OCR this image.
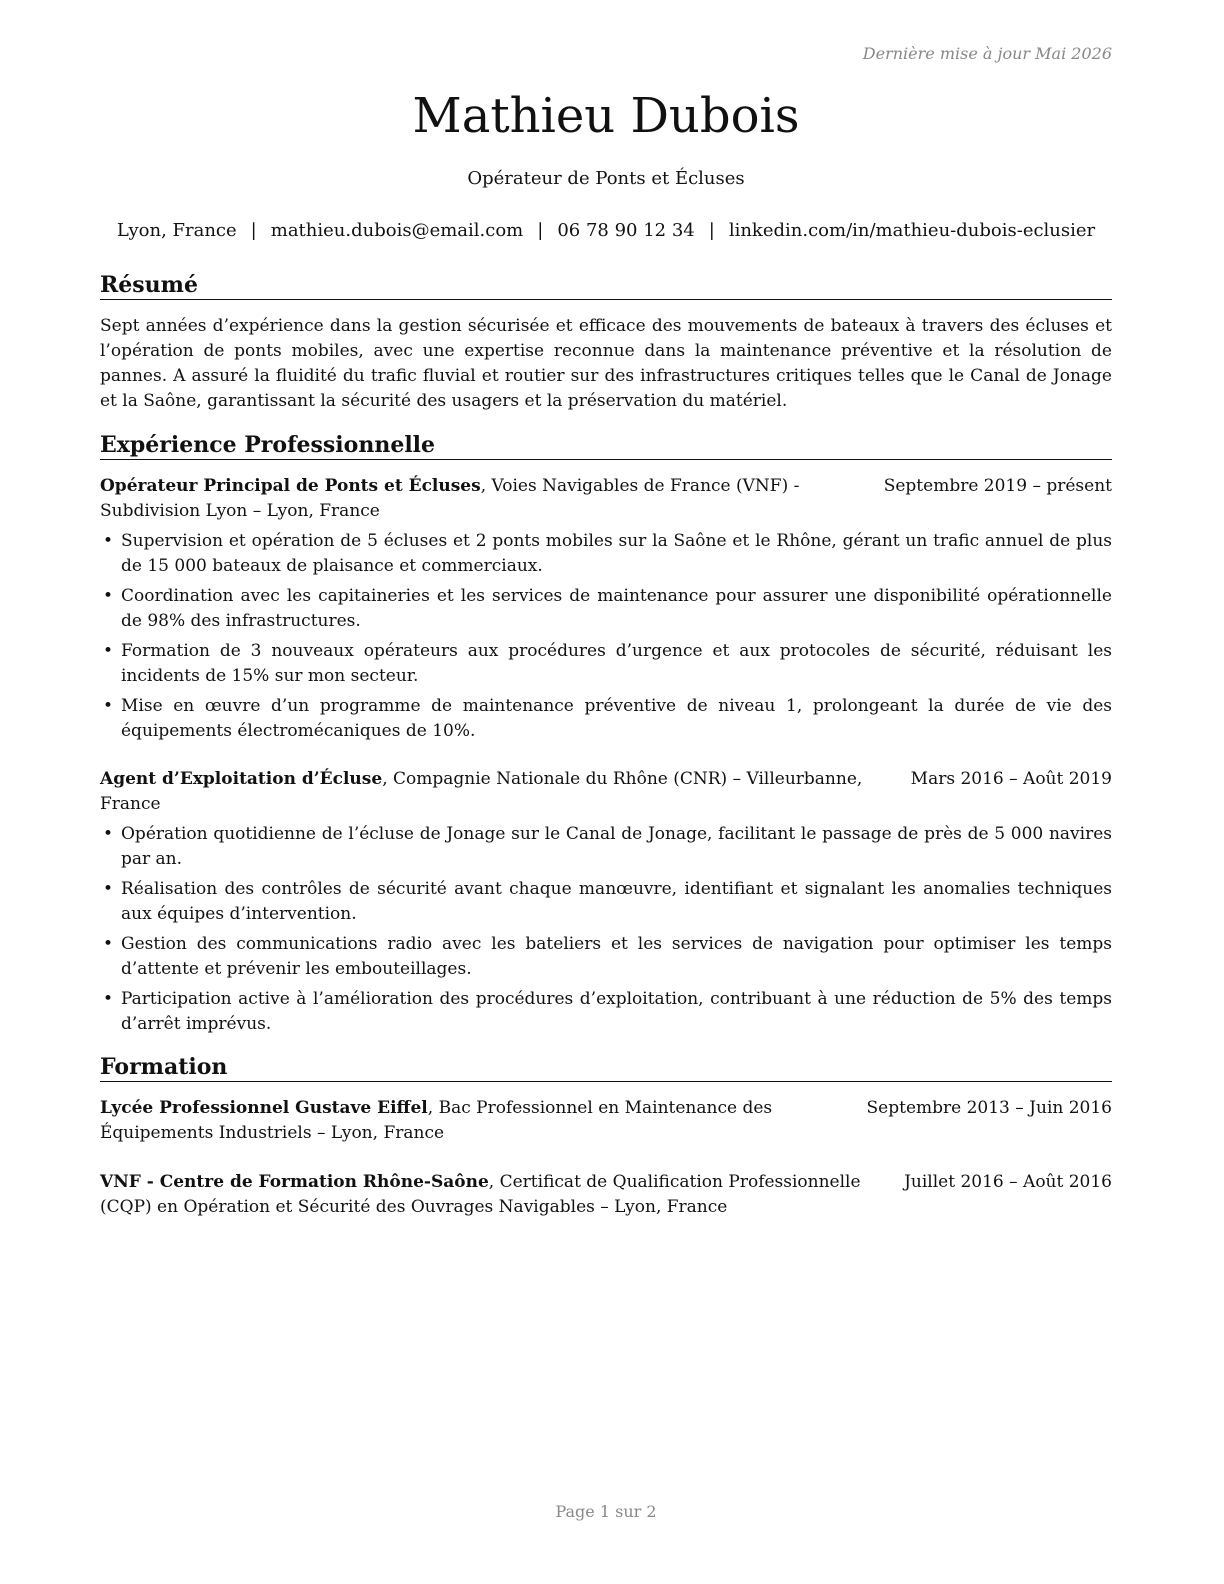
Dernière mise à jour Mai 2026
Mathieu Dubois
Opérateur de Ponts et Écluses
Lyon, France | mathieu.dubois@email.com | 06 78 90 12 34 | linkedin.com/in/mathieu-dubois-eclusier
Résumé

Sept années d’expérience dans la gestion sécurisée et efficace des mouvements de bateaux à travers des écluses et l’opération de ponts mobiles, avec une expertise reconnue dans la maintenance préventive et la résolution de pannes. A assuré la fluidité du trafic fluvial et routier sur des infrastructures critiques telles que le Canal de Jonage et la Saône, garantissant la sécurité des usagers et la préservation du matériel.

Expérience Professionnelle
Septembre 2019 – présent
Opérateur Principal de Ponts et Écluses, Voies Navigables de France (VNF) - Subdivision Lyon – Lyon, France
• Supervision et opération de 5 écluses et 2 ponts mobiles sur la Saône et le Rhône, gérant un trafic annuel de plus de 15 000 bateaux de plaisance et commerciaux.
• Coordination avec les capitaineries et les services de maintenance pour assurer une disponibilité opérationnelle de 98% des infrastructures.
• Formation de 3 nouveaux opérateurs aux procédures d’urgence et aux protocoles de sécurité, réduisant les incidents de 15% sur mon secteur.
• Mise en œuvre d’un programme de maintenance préventive de niveau 1, prolongeant la durée de vie des équipements électromécaniques de 10%.
Mars 2016 – Août 2019
Agent d’Exploitation d’Écluse, Compagnie Nationale du Rhône (CNR) – Villeurbanne, France
• Opération quotidienne de l’écluse de Jonage sur le Canal de Jonage, facilitant le passage de près de 5 000 navires par an.
• Réalisation des contrôles de sécurité avant chaque manœuvre, identifiant et signalant les anomalies techniques aux équipes d’intervention.
• Gestion des communications radio avec les bateliers et les services de navigation pour optimiser les temps d’attente et prévenir les embouteillages.
• Participation active à l’amélioration des procédures d’exploitation, contribuant à une réduction de 5% des temps d’arrêt imprévus.
Formation
Septembre 2013 – Juin 2016
Lycée Professionnel Gustave Eiffel, Bac Professionnel en Maintenance des Équipements Industriels – Lyon, France
Juillet 2016 – Août 2016
VNF - Centre de Formation Rhône-Saône, Certificat de Qualification Professionnelle (CQP) en Opération et Sécurité des Ouvrages Navigables – Lyon, France
Page 1 sur 2
